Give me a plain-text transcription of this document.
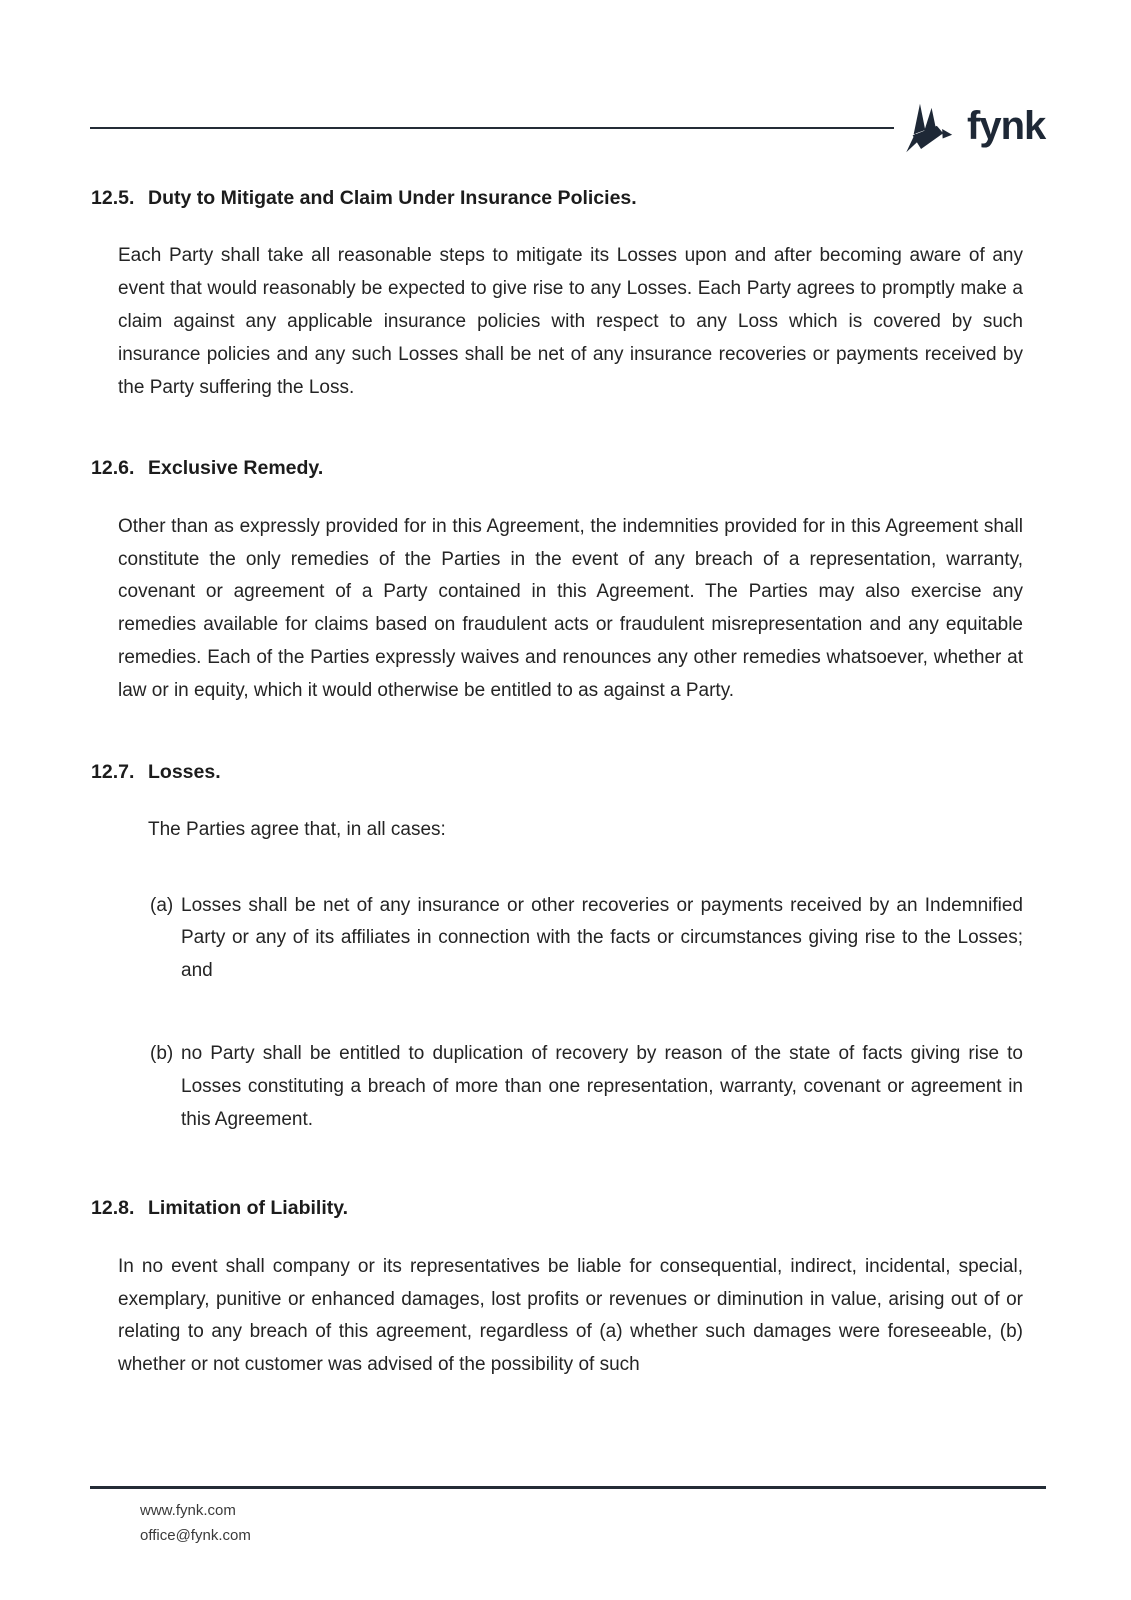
fynk
12.5. Duty to Mitigate and Claim Under Insurance Policies.

Each Party shall take all reasonable steps to mitigate its Losses upon and after becoming aware of any event that would reasonably be expected to give rise to any Losses. Each Party agrees to promptly make a claim against any applicable insurance policies with respect to any Loss which is covered by such insurance policies and any such Losses shall be net of any insurance recoveries or payments received by the Party suffering the Loss.

12.6. Exclusive Remedy.

Other than as expressly provided for in this Agreement, the indemnities provided for in this Agreement shall constitute the only remedies of the Parties in the event of any breach of a representation, warranty, covenant or agreement of a Party contained in this Agreement. The Parties may also exercise any remedies available for claims based on fraudulent acts or fraudulent misrepresentation and any equitable remedies. Each of the Parties expressly waives and renounces any other remedies whatsoever, whether at law or in equity, which it would otherwise be entitled to as against a Party.

12.7. Losses.

The Parties agree that, in all cases:

(a) Losses shall be net of any insurance or other recoveries or payments received by an Indemnified Party or any of its affiliates in connection with the facts or circumstances giving rise to the Losses; and
(b) no Party shall be entitled to duplication of recovery by reason of the state of facts giving rise to Losses constituting a breach of more than one representation, warranty, covenant or agreement in this Agreement.
12.8. Limitation of Liability.

In no event shall company or its representatives be liable for consequential, indirect, incidental, special, exemplary, punitive or enhanced damages, lost profits or revenues or diminution in value, arising out of or relating to any breach of this agreement, regardless of (a) whether such damages were foreseeable, (b) whether or not customer was advised of the possibility of such

www.fynk.com
office@fynk.com
